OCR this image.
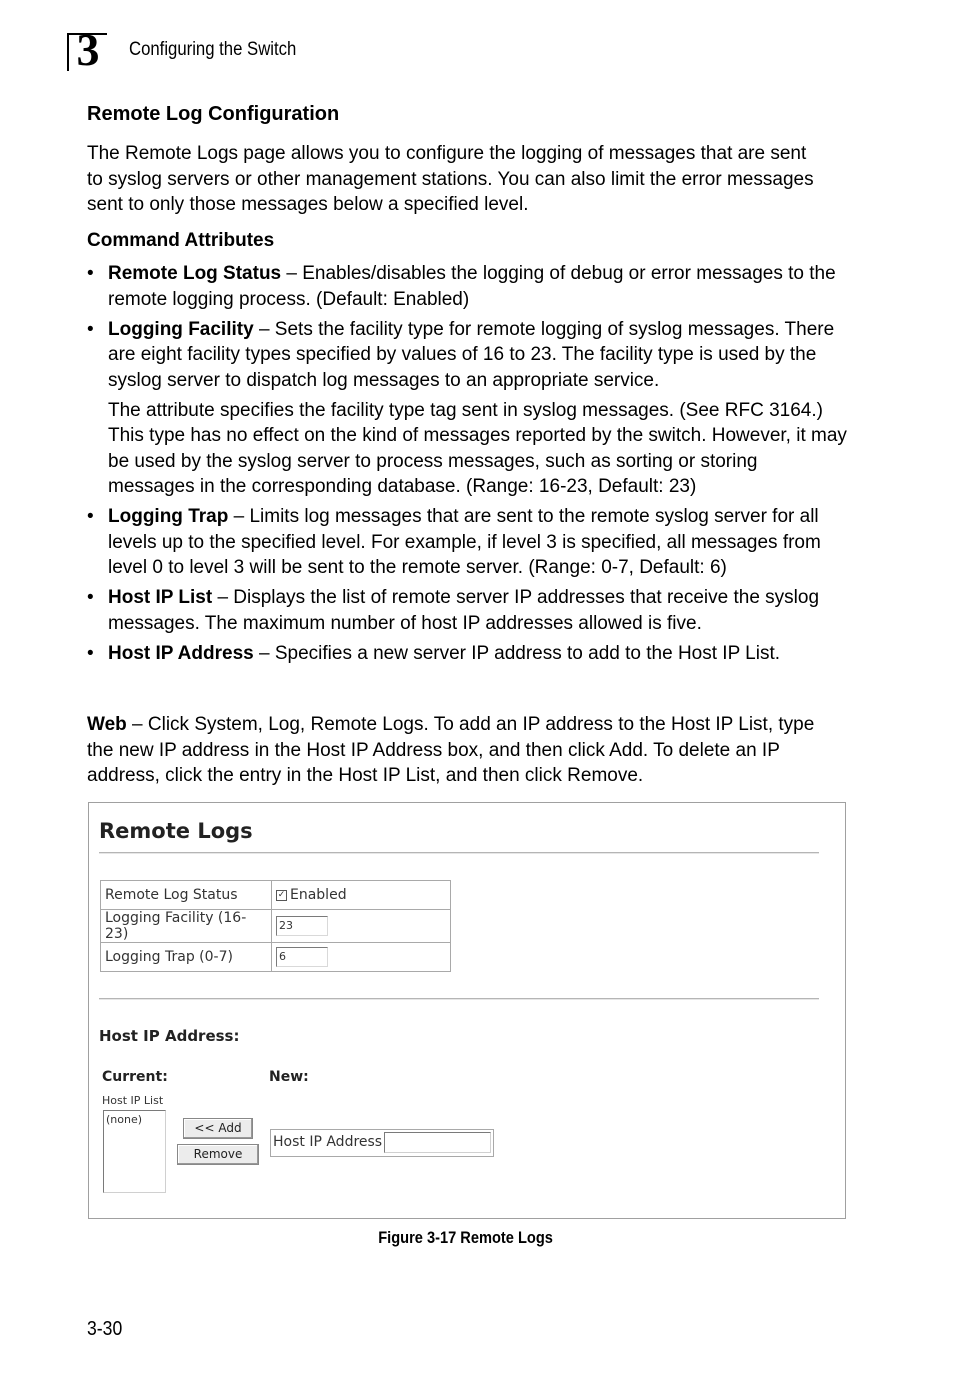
3	Configuring the Switch
Remote Log Configuration

The Remote Logs page allows you to configure the logging of messages that are sent to syslog servers or other management stations. You can also limit the error messages sent to only those messages below a specified level.

Command Attributes
• Remote Log Status – Enables/disables the logging of debug or error messages to the remote logging process. (Default: Enabled)
• Logging Facility – Sets the facility type for remote logging of syslog messages. There are eight facility types specified by values of 16 to 23. The facility type is used by the syslog server to dispatch log messages to an appropriate service.
The attribute specifies the facility type tag sent in syslog messages. (See RFC 3164.) This type has no effect on the kind of messages reported by the switch. However, it may be used by the syslog server to process messages, such as sorting or storing messages in the corresponding database. (Range: 16-23, Default: 23)
• Logging Trap – Limits log messages that are sent to the remote syslog server for all levels up to the specified level. For example, if level 3 is specified, all messages from level 0 to level 3 will be sent to the remote server. (Range: 0-7, Default: 6)
• Host IP List – Displays the list of remote server IP addresses that receive the syslog messages. The maximum number of host IP addresses allowed is five.
• Host IP Address – Specifies a new server IP address to add to the Host IP List.

Web – Click System, Log, Remote Logs. To add an IP address to the Host IP List, type the new IP address in the Host IP Address box, and then click Add. To delete an IP address, click the entry in the Host IP List, and then click Remove.

Remote Logs
Remote Log Status	✓ Enabled
Logging Facility (16-23)	23
Logging Trap (0-7)	6
Host IP Address:
Current:	New:
Host IP List
(none)
<< Add
Remove
Host IP Address
Figure 3-17 Remote Logs
3-30
